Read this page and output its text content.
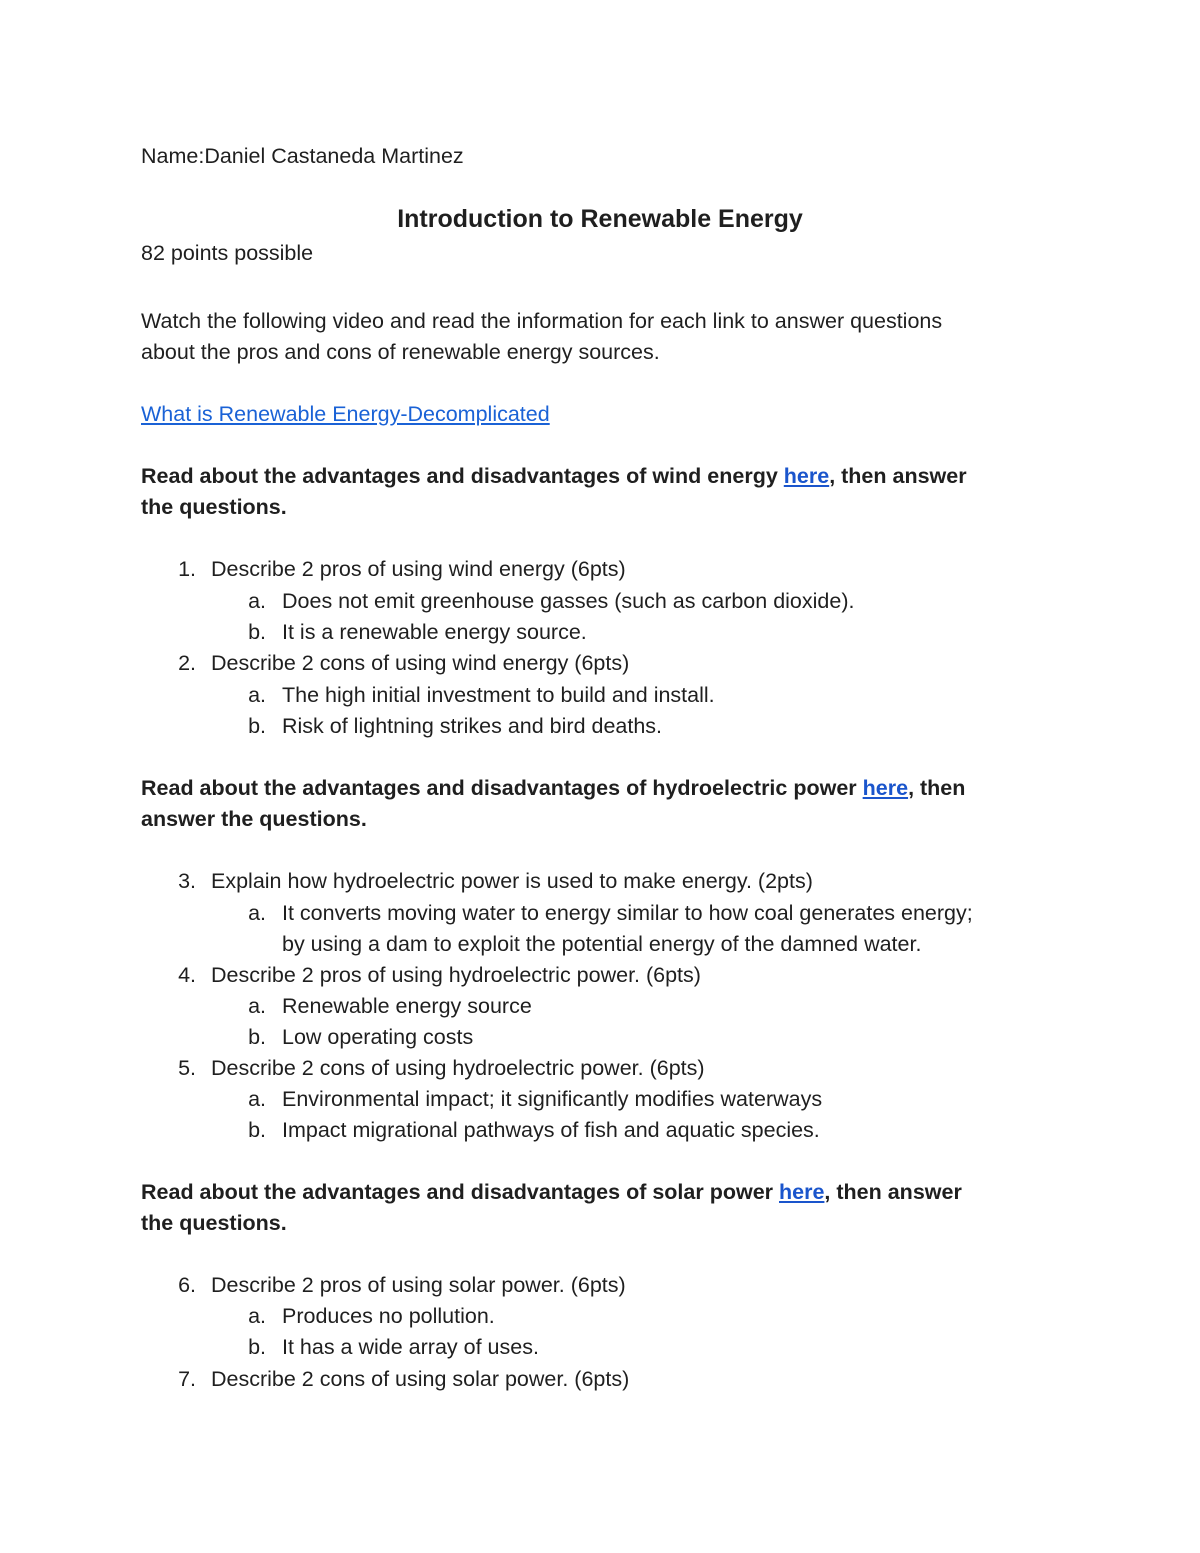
Name:Daniel Castaneda Martinez
Introduction to Renewable Energy
82 points possible
Watch the following video and read the information for each link to answer questions
about the pros and cons of renewable energy sources.
What is Renewable Energy-Decomplicated
Read about the advantages and disadvantages of wind energy here, then answer
the questions.
1. Describe 2 pros of using wind energy (6pts)
a. Does not emit greenhouse gasses (such as carbon dioxide).
b. It is a renewable energy source.
2. Describe 2 cons of using wind energy (6pts)
a. The high initial investment to build and install.
b. Risk of lightning strikes and bird deaths.
Read about the advantages and disadvantages of hydroelectric power here, then
answer the questions.
3. Explain how hydroelectric power is used to make energy. (2pts)
a. It converts moving water to energy similar to how coal generates energy;
by using a dam to exploit the potential energy of the damned water.
4. Describe 2 pros of using hydroelectric power. (6pts)
a. Renewable energy source
b. Low operating costs
5. Describe 2 cons of using hydroelectric power. (6pts)
a. Environmental impact; it significantly modifies waterways
b. Impact migrational pathways of fish and aquatic species.
Read about the advantages and disadvantages of solar power here, then answer
the questions.
6. Describe 2 pros of using solar power. (6pts)
a. Produces no pollution.
b. It has a wide array of uses.
7. Describe 2 cons of using solar power. (6pts)
